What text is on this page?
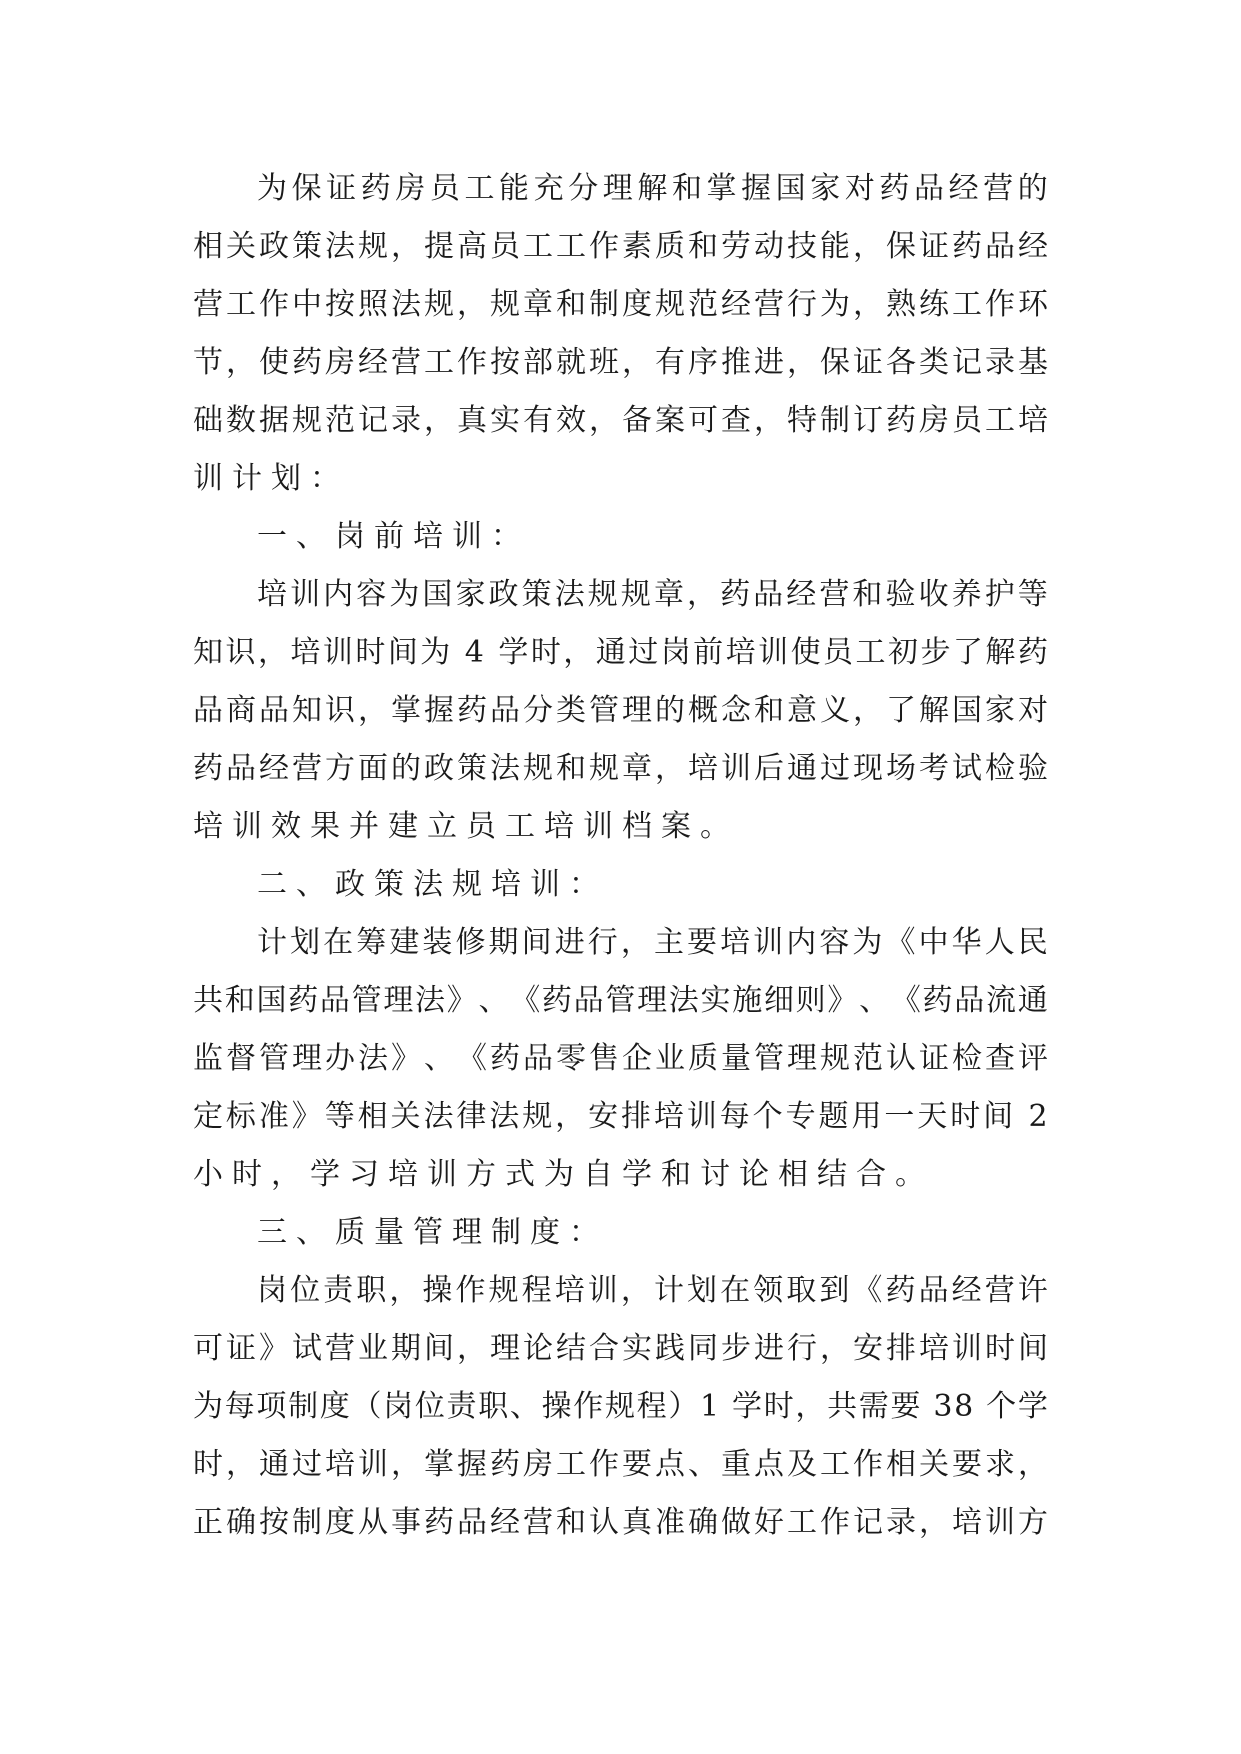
为 保 证 药 房 员 工 能 充 分 理 解 和 掌 握 国 家 对 药 品 经 营 的
相 关 政 策 法 规 ， 提 高 员 工 工 作 素 质 和 劳 动 技 能 ， 保 证 药 品 经
营 工 作 中 按 照 法 规 ， 规 章 和 制 度 规 范 经 营 行 为 ， 熟 练 工 作 环
节 ， 使 药 房 经 营 工 作 按 部 就 班 ， 有 序 推 进 ， 保 证 各 类 记 录 基
础 数 据 规 范 记 录 ， 真 实 有 效 ， 备 案 可 查 ， 特 制 订 药 房 员 工 培
训计划：
一、岗前培训：
培 训 内 容 为 国 家 政 策 法 规 规 章 ， 药 品 经 营 和 验 收 养 护 等
知 识 ， 培 训 时 间 为
4
学 时 ， 通 过 岗 前 培 训 使 员 工 初 步 了 解 药
品 商 品 知 识 ， 掌 握 药 品 分 类 管 理 的 概 念 和 意 义 ， 了 解 国 家 对
药 品 经 营 方 面 的 政 策 法 规 和 规 章 ， 培 训 后 通 过 现 场 考 试 检 验
培训效果并建立员工培训档案。
二、政策法规培训：
计 划 在 筹 建 装 修 期 间 进 行 ， 主 要 培 训 内 容 为 《 中 华 人 民
共 和 国 药 品 管 理 法 》 、 《 药 品 管 理 法 实 施 细 则 》 、 《 药 品 流 通
监 督 管 理 办 法 》 、 《 药 品 零 售 企 业 质 量 管 理 规 范 认 证 检 查 评
定 标 准 》 等 相 关 法 律 法 规 ， 安 排 培 训 每 个 专 题 用 一 天 时 间
2
小时，学习培训方式为自学和讨论相结合。
三、质量管理制度：
岗 位 责 职 ， 操 作 规 程 培 训 ， 计 划 在 领 取 到 《 药 品 经 营 许
可 证 》 试 营 业 期 间 ， 理 论 结 合 实 践 同 步 进 行 ， 安 排 培 训 时 间
为 每 项 制 度 （ 岗 位 责 职 、 操 作 规 程 ） 1
学 时 ， 共 需 要
3 8
个 学
时 ， 通 过 培 训 ， 掌 握 药 房 工 作 要 点 、 重 点 及 工 作 相 关 要 求 ，
正 确 按 制 度 从 事 药 品 经 营 和 认 真 准 确 做 好 工 作 记 录 ， 培 训 方
